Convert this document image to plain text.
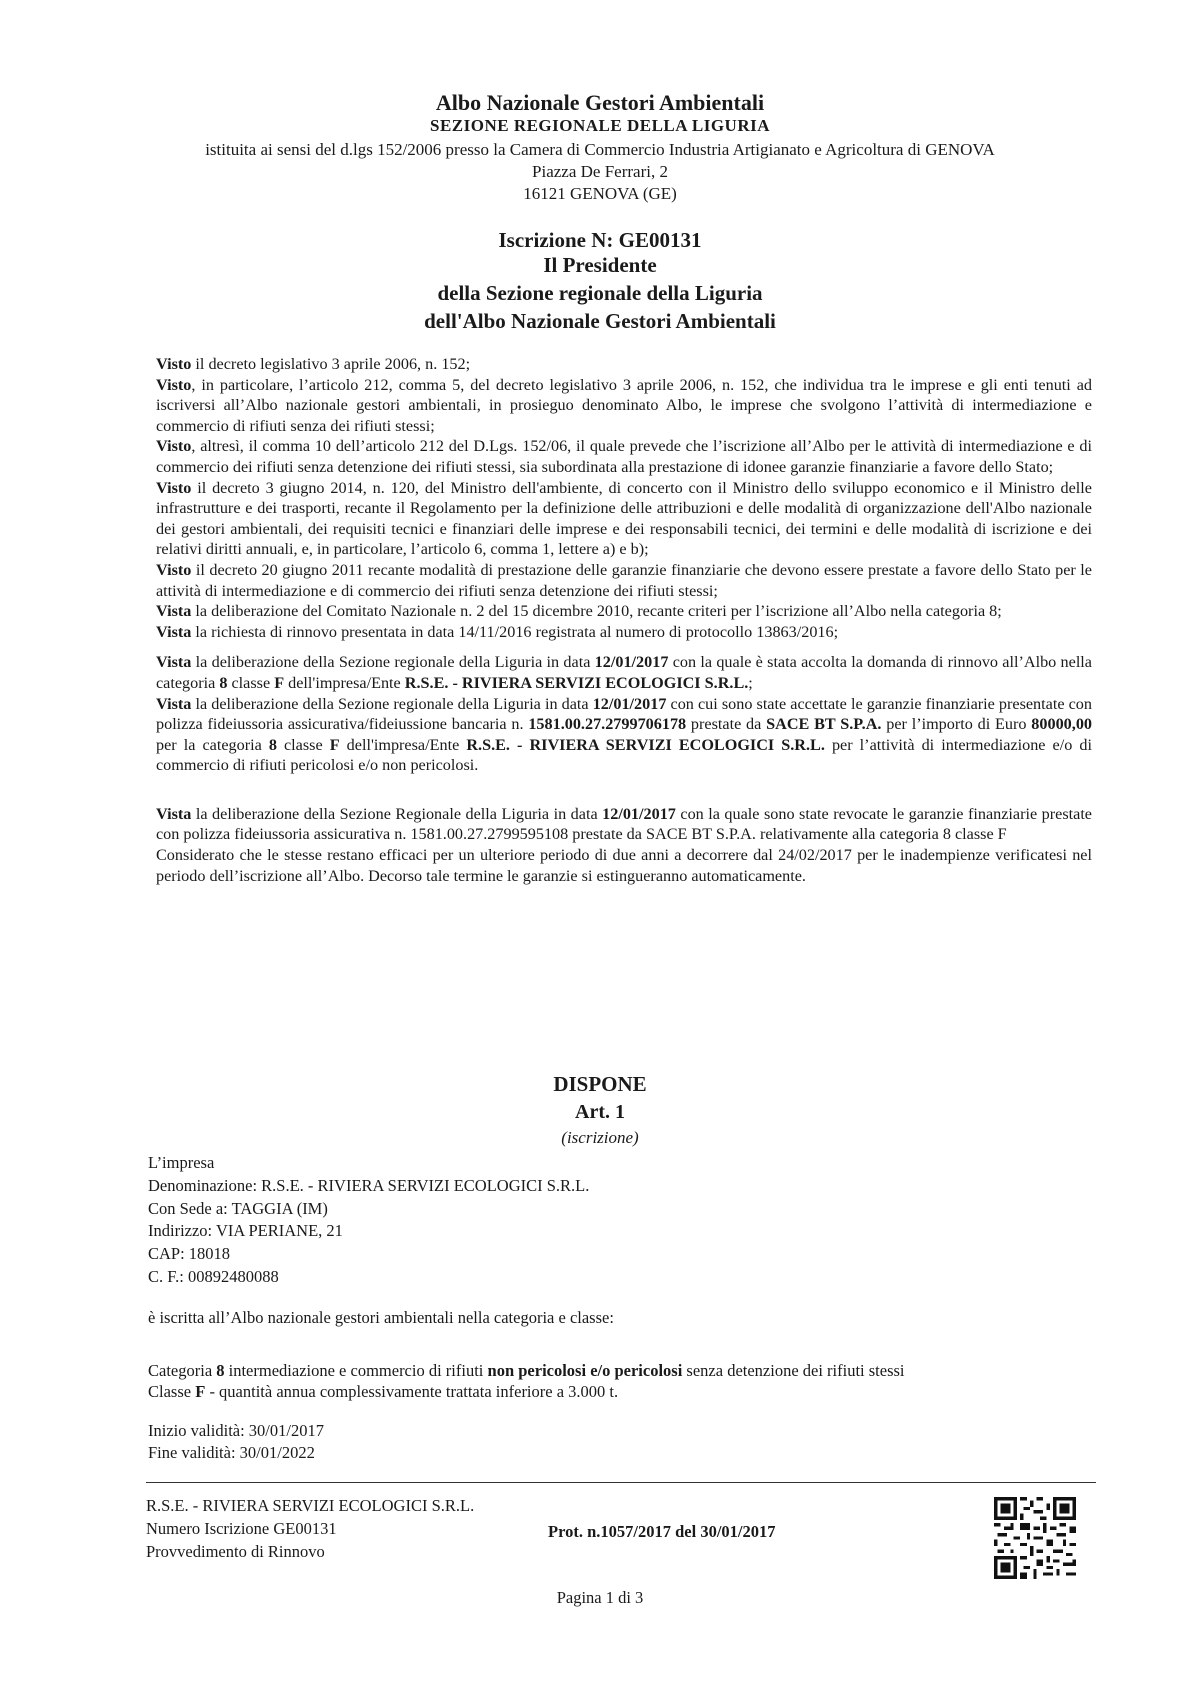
Albo Nazionale Gestori Ambientali
SEZIONE REGIONALE DELLA LIGURIA
istituita ai sensi del d.lgs 152/2006 presso la Camera di Commercio Industria Artigianato e Agricoltura di GENOVA
Piazza De Ferrari, 2
16121 GENOVA (GE)
Iscrizione N: GE00131
Il Presidente
della Sezione regionale della Liguria
dell'Albo Nazionale Gestori Ambientali

Visto il decreto legislativo 3 aprile 2006, n. 152;

Visto, in particolare, l’articolo 212, comma 5, del decreto legislativo 3 aprile 2006, n. 152, che individua tra le imprese e gli enti tenuti ad iscriversi all’Albo nazionale gestori ambientali, in prosieguo denominato Albo, le imprese che svolgono l’attività di intermediazione e commercio di rifiuti senza dei rifiuti stessi;

Visto, altresì, il comma 10 dell’articolo 212 del D.Lgs. 152/06, il quale prevede che l’iscrizione all’Albo per le attività di intermediazione e di commercio dei rifiuti senza detenzione dei rifiuti stessi, sia subordinata alla prestazione di idonee garanzie finanziarie a favore dello Stato;

Visto il decreto 3 giugno 2014, n. 120, del Ministro dell'ambiente, di concerto con il Ministro dello sviluppo economico e il Ministro delle infrastrutture e dei trasporti, recante il Regolamento per la definizione delle attribuzioni e delle modalità di organizzazione dell'Albo nazionale dei gestori ambientali, dei requisiti tecnici e finanziari delle imprese e dei responsabili tecnici, dei termini e delle modalità di iscrizione e dei relativi diritti annuali, e, in particolare, l’articolo 6, comma 1, lettere a) e b);

Visto il decreto 20 giugno 2011 recante modalità di prestazione delle garanzie finanziarie che devono essere prestate a favore dello Stato per le attività di intermediazione e di commercio dei rifiuti senza detenzione dei rifiuti stessi;

Vista la deliberazione del Comitato Nazionale n. 2 del 15 dicembre 2010, recante criteri per l’iscrizione all’Albo nella categoria 8;

Vista la richiesta di rinnovo presentata in data 14/11/2016 registrata al numero di protocollo 13863/2016;

Vista la deliberazione della Sezione regionale della Liguria in data 12/01/2017 con la quale è stata accolta la domanda di rinnovo all’Albo nella categoria 8 classe F dell'impresa/Ente R.S.E. - RIVIERA SERVIZI ECOLOGICI S.R.L.;

Vista la deliberazione della Sezione regionale della Liguria in data 12/01/2017 con cui sono state accettate le garanzie finanziarie presentate con polizza fideiussoria assicurativa/fideiussione bancaria n. 1581.00.27.2799706178 prestate da SACE BT S.P.A. per l’importo di Euro 80000,00 per la categoria 8 classe F dell'impresa/Ente R.S.E. - RIVIERA SERVIZI ECOLOGICI S.R.L. per l’attività di intermediazione e/o di commercio di rifiuti pericolosi e/o non pericolosi.

Vista la deliberazione della Sezione Regionale della Liguria in data 12/01/2017 con la quale sono state revocate le garanzie finanziarie prestate con polizza fideiussoria assicurativa n. 1581.00.27.2799595108 prestate da SACE BT S.P.A. relativamente alla categoria 8 classe F

Considerato che le stesse restano efficaci per un ulteriore periodo di due anni a decorrere dal 24/02/2017 per le inadempienze verificatesi nel periodo dell’iscrizione all’Albo. Decorso tale termine le garanzie si estingueranno automaticamente.

DISPONE
Art. 1
(iscrizione)
L’impresa
Denominazione: R.S.E. - RIVIERA SERVIZI ECOLOGICI S.R.L.
Con Sede a: TAGGIA (IM)
Indirizzo: VIA PERIANE, 21
CAP: 18018
C. F.: 00892480088
è iscritta all’Albo nazionale gestori ambientali nella categoria e classe:
Categoria 8 intermediazione e commercio di rifiuti non pericolosi e/o pericolosi senza detenzione dei rifiuti stessi
Classe F - quantità annua complessivamente trattata inferiore a 3.000 t.
Inizio validità: 30/01/2017
Fine validità: 30/01/2022
R.S.E. - RIVIERA SERVIZI ECOLOGICI S.R.L.
Numero Iscrizione GE00131
Provvedimento di Rinnovo
Prot. n.1057/2017 del 30/01/2017
Pagina 1 di 3
